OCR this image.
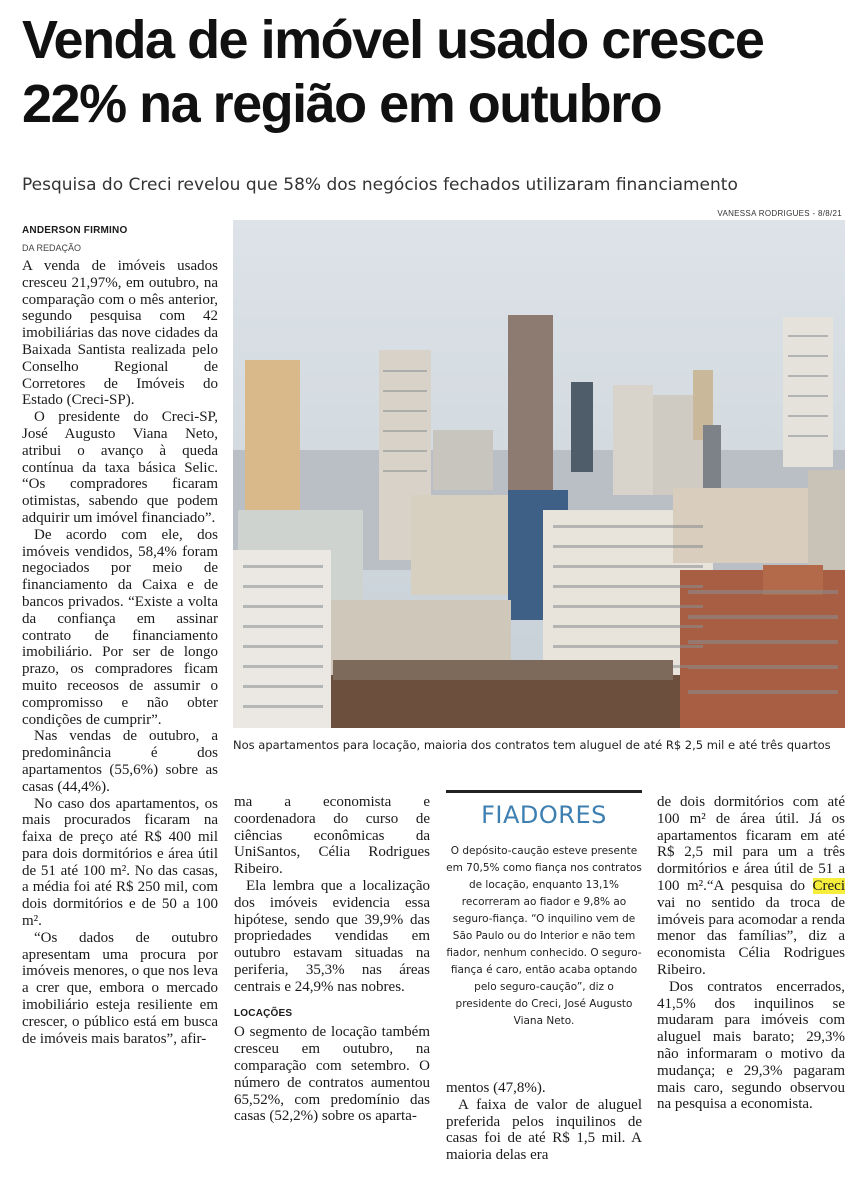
Venda de imóvel usado cresce 22% na região em outubro

Pesquisa do Creci revelou que 58% dos negócios fechados utilizaram financiamento

ANDERSON FIRMINO
DA REDAÇÃO
VANESSA RODRIGUES - 8/8/21
Nos apartamentos para locação, maioria dos contratos tem aluguel de até R$ 2,5 mil e até três quartos

A venda de imóveis usados cresceu 21,97%, em outubro, na comparação com o mês anterior, segundo pesquisa com 42 imobiliárias das nove cidades da Baixada Santista realizada pelo Conselho Regional de Corretores de Imóveis do Estado (Creci-SP).

O presidente do Creci-SP, José Augusto Viana Neto, atribui o avanço à queda contínua da taxa básica Selic. “Os compradores ficaram otimistas, sabendo que podem adquirir um imóvel financiado”.

De acordo com ele, dos imóveis vendidos, 58,4% foram negociados por meio de financiamento da Caixa e de bancos privados. “Existe a volta da confiança em assinar contrato de financiamento imobiliário. Por ser de longo prazo, os compradores ficam muito receosos de assumir o compromisso e não obter condições de cumprir”.

Nas vendas de outubro, a predominância é dos apartamentos (55,6%) sobre as casas (44,4%).

No caso dos apartamentos, os mais procurados ficaram na faixa de preço até R$ 400 mil para dois dormitórios e área útil de 51 até 100 m². No das casas, a média foi até R$ 250 mil, com dois dormitórios e de 50 a 100 m².

“Os dados de outubro apresentam uma procura por imóveis menores, o que nos leva a crer que, embora o mercado imobiliário esteja resiliente em crescer, o público está em busca de imóveis mais baratos”, afir-

ma a economista e coordenadora do curso de ciências econômicas da UniSantos, Célia Rodrigues Ribeiro.

Ela lembra que a localização dos imóveis evidencia essa hipótese, sendo que 39,9% das propriedades vendidas em outubro estavam situadas na periferia, 35,3% nas áreas centrais e 24,9% nas nobres.

LOCAÇÕES

O segmento de locação também cresceu em outubro, na comparação com setembro. O número de contratos aumentou 65,52%, com predomínio das casas (52,2%) sobre os aparta-

FIADORES
O depósito-caução esteve presente em 70,5% como fiança nos contratos de locação, enquanto 13,1% recorreram ao fiador e 9,8% ao seguro-fiança. “O inquilino vem de São Paulo ou do Interior e não tem fiador, nenhum conhecido. O seguro-fiança é caro, então acaba optando pelo seguro-caução”, diz o presidente do Creci, José Augusto Viana Neto.

mentos (47,8%).

A faixa de valor de aluguel preferida pelos inquilinos de casas foi de até R$ 1,5 mil. A maioria delas era

de dois dormitórios com até 100 m² de área útil. Já os apartamentos ficaram em até R$ 2,5 mil para um a três dormitórios e área útil de 51 a 100 m².“A pesquisa do Creci vai no sentido da troca de imóveis para acomodar a renda menor das famílias”, diz a economista Célia Rodrigues Ribeiro.

Dos contratos encerrados, 41,5% dos inquilinos se mudaram para imóveis com aluguel mais barato; 29,3% não informaram o motivo da mudança; e 29,3% pagaram mais caro, segundo observou na pesquisa a economista.
